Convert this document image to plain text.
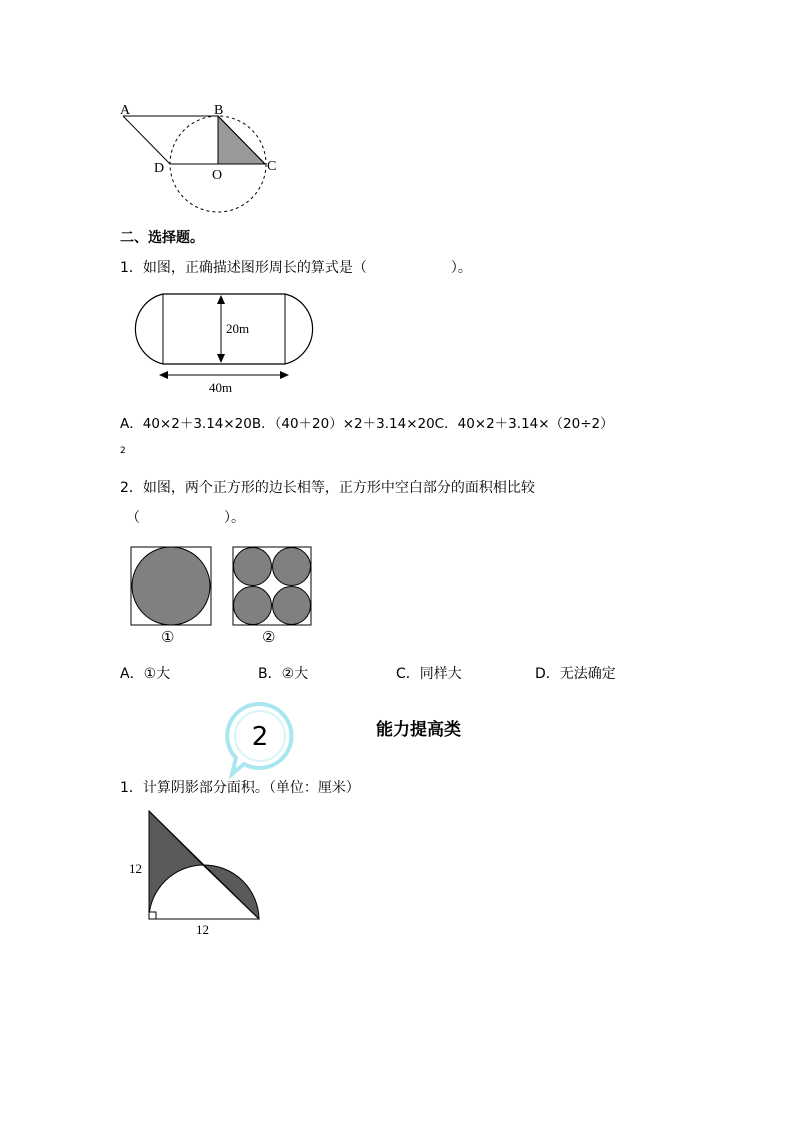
A	B
C
D	O
二、选择题。
1．如图，正确描述图形周长的算式是（　　　　　　）。
20m
40m
A．40×2＋3.14×20B．（40＋20）×2＋3.14×20C．40×2＋3.14×（20÷2）
2
2．如图，两个正方形的边长相等，正方形中空白部分的面积相比较
（　　　　　　）。
①	②
A．①大	B．②大	C．同样大	D．无法确定
2	能力提高类
1．计算阴影部分面积。（单位：厘米）
12
12
